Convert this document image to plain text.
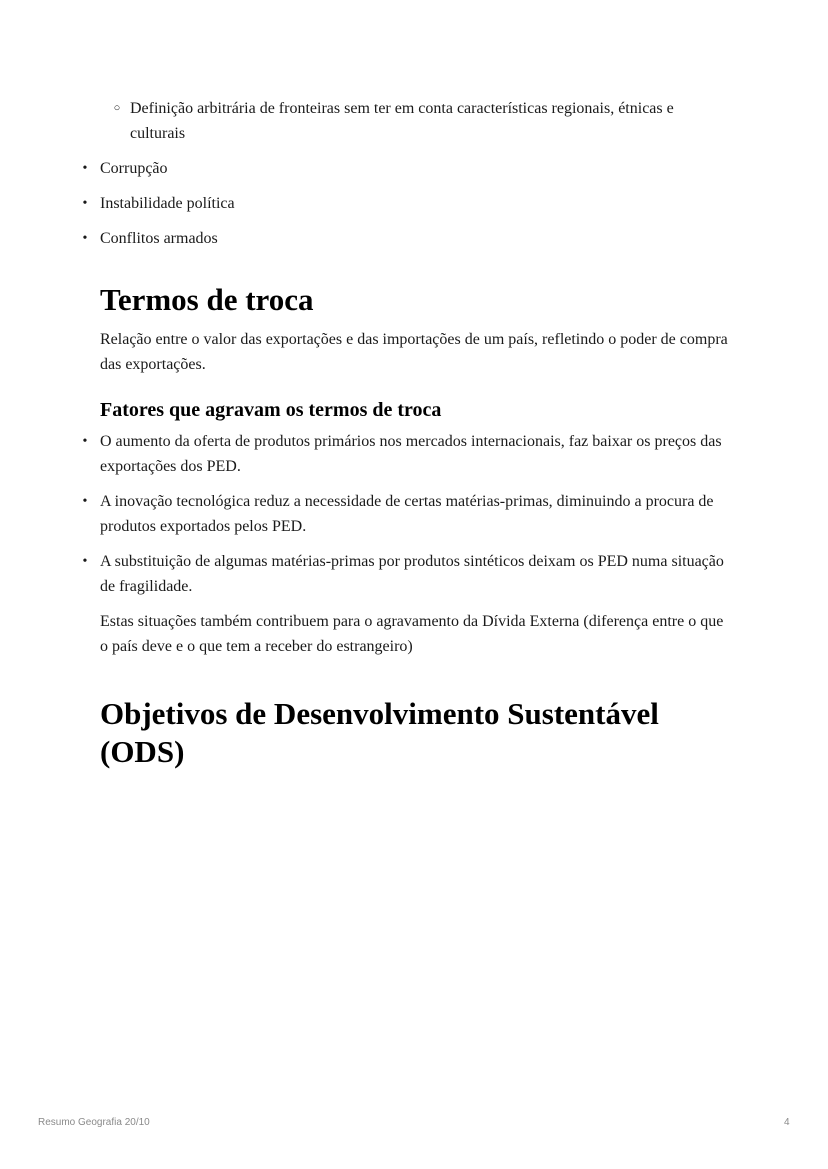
○ Definição arbitrária de fronteiras sem ter em conta características regionais, étnicas e culturais
• Corrupção
• Instabilidade política
• Conflitos armados
Termos de troca

Relação entre o valor das exportações e das importações de um país, refletindo o poder de compra das exportações.

Fatores que agravam os termos de troca
• O aumento da oferta de produtos primários nos mercados internacionais, faz baixar os preços das exportações dos PED.
• A inovação tecnológica reduz a necessidade de certas matérias-primas, diminuindo a procura de produtos exportados pelos PED.
• A substituição de algumas matérias-primas por produtos sintéticos deixam os PED numa situação de fragilidade.

Estas situações também contribuem para o agravamento da Dívida Externa (diferença entre o que o país deve e o que tem a receber do estrangeiro)

Objetivos de Desenvolvimento Sustentável (ODS)
Resumo Geografia 20/10	4
